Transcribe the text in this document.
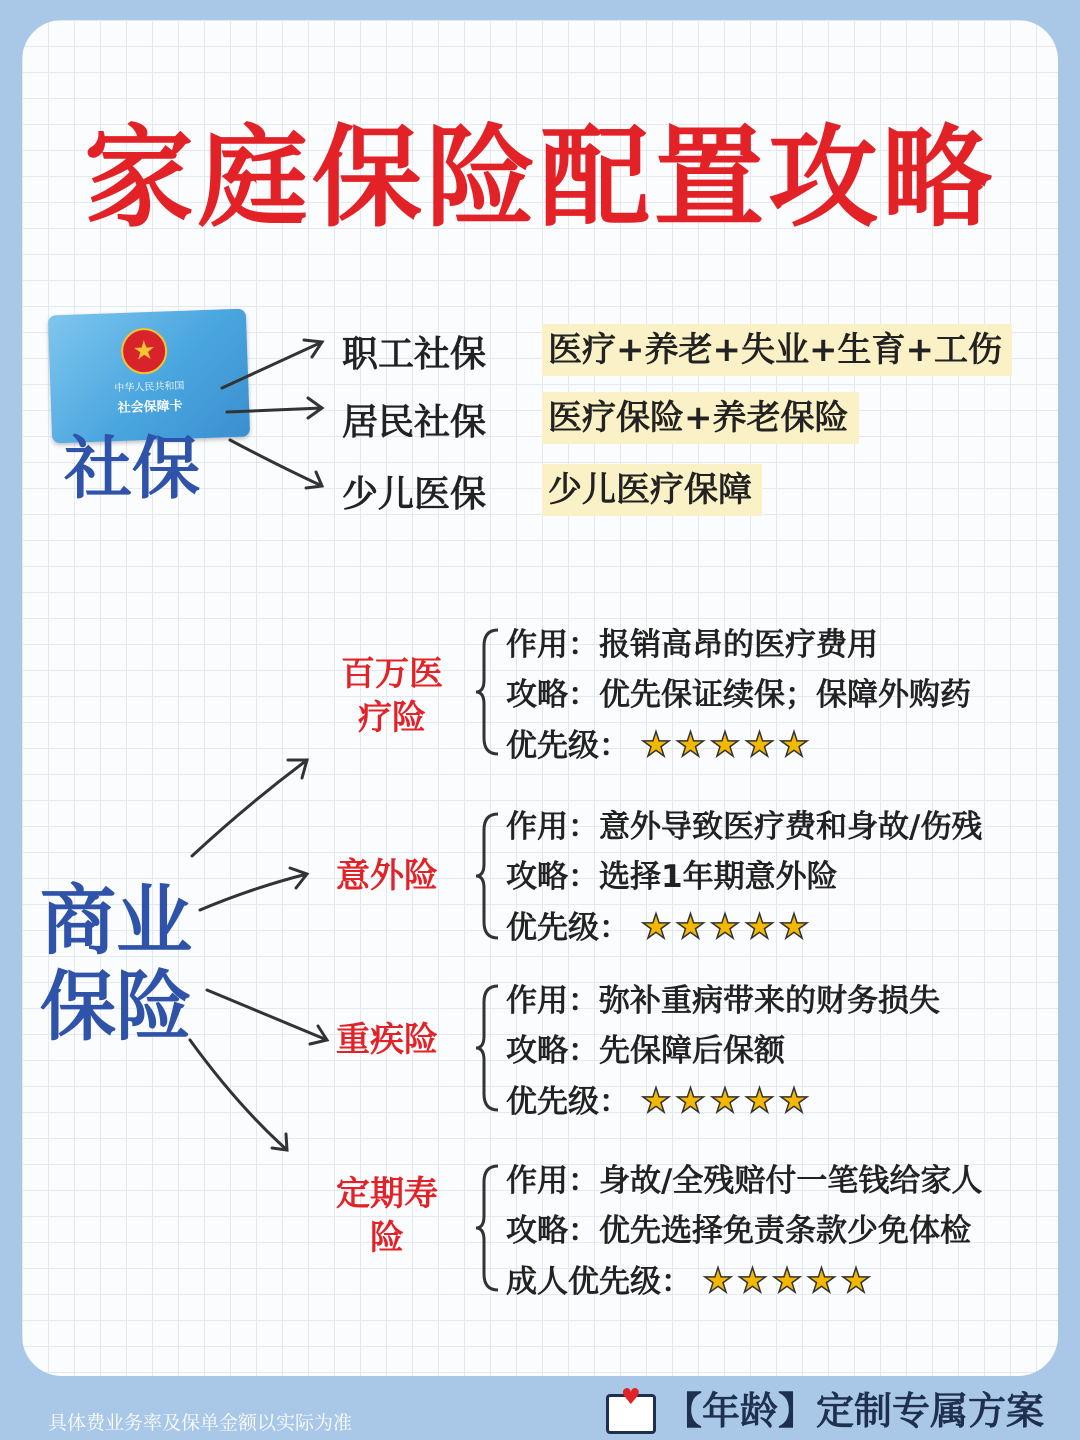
家庭保险配置攻略
★
中华人民共和国
社会保障卡
社保
职工社保 医疗+养老+失业+生育+工伤
居民社保 医疗保险+养老保险
少儿医保 少儿医疗保障
商业保险
百万医疗险
作用：报销高昂的医疗费用
攻略：优先保证续保；保障外购药
优先级： ★★★★★
意外险
作用：意外导致医疗费和身故/伤残
攻略：选择1年期意外险
优先级： ★★★★★
重疾险
作用：弥补重病带来的财务损失
攻略：先保障后保额
优先级： ★★★★★
定期寿险
作用：身故/全残赔付一笔钱给家人
攻略：优先选择免责条款少免体检
成人优先级： ★★★★★
具体费业务率及保单金额以实际为准
♥ 【年龄】定制专属方案
